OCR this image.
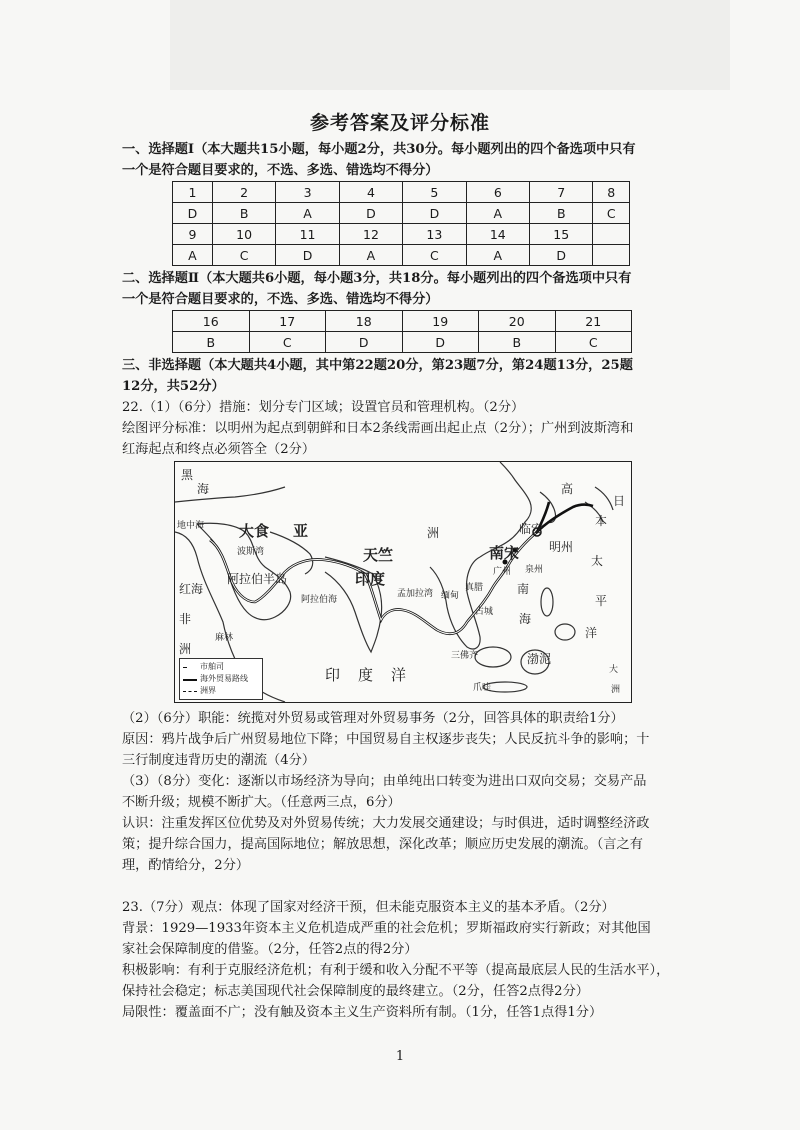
参考答案及评分标准
一、选择题Ⅰ（本大题共15小题，每小题2分，共30分。每小题列出的四个备选项中只有
一个是符合题目要求的，不选、多选、错选均不得分）
1	2	3	4	5	6	7	8
D	B	A	D	D	A	B	C
9	10	11	12	13	14	15	
A	C	D	A	C	A	D	
二、选择题Ⅱ（本大题共6小题，每小题3分，共18分。每小题列出的四个备选项中只有
一个是符合题目要求的，不选、多选、错选均不得分）
16	17	18	19	20	21
B	C	D	D	B	C
三、非选择题（本大题共4小题，其中第22题20分，第23题7分，第24题13分，25题
12分，共52分）
22.（1）（6分）措施：划分专门区域；设置官员和管理机构。（2分）
绘图评分标准：以明州为起点到朝鲜和日本2条线需画出起止点（2分）；广州到波斯湾和
红海起点和终点必须答全（2分）
黑
海
地中海 大食 亚
波斯湾
阿拉伯半岛
红海
非
洲
天竺
印度
阿拉伯海
孟加拉湾 缅甸
印度洋
洲	临安
南宋 明州
广州 泉州
高
日
本
太
平
洋
南
海
真腊
占城
三佛齐
爪哇
渤泥
麻林
大
洲
市舶司
海外贸易路线
洲界
（2）（6分）职能：统揽对外贸易或管理对外贸易事务（2分，回答具体的职责给1分）
原因：鸦片战争后广州贸易地位下降；中国贸易自主权逐步丧失；人民反抗斗争的影响；十
三行制度违背历史的潮流（4分）
（3）（8分）变化：逐渐以市场经济为导向；由单纯出口转变为进出口双向交易；交易产品
不断升级；规模不断扩大。（任意两三点，6分）
认识：注重发挥区位优势及对外贸易传统；大力发展交通建设；与时俱进，适时调整经济政
策；提升综合国力，提高国际地位；解放思想，深化改革；顺应历史发展的潮流。（言之有
理，酌情给分，2分）
23.（7分）观点：体现了国家对经济干预，但未能克服资本主义的基本矛盾。（2分）
背景：1929—1933年资本主义危机造成严重的社会危机；罗斯福政府实行新政；对其他国
家社会保障制度的借鉴。（2分，任答2点的得2分）
积极影响：有利于克服经济危机；有利于缓和收入分配不平等（提高最底层人民的生活水平），
保持社会稳定；标志美国现代社会保障制度的最终建立。（2分，任答2点得2分）
局限性：覆盖面不广；没有触及资本主义生产资料所有制。（1分，任答1点得1分）
1
